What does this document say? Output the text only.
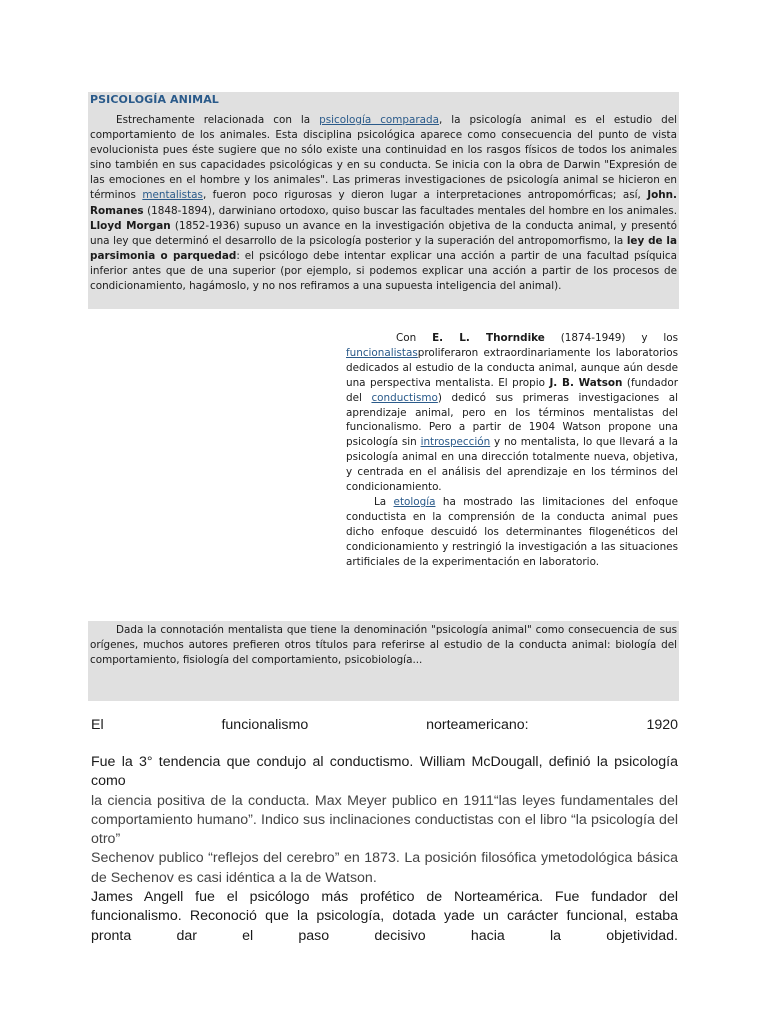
PSICOLOGÍA ANIMAL

Estrechamente relacionada con la psicología comparada, la psicología animal es el estudio del comportamiento de los animales. Esta disciplina psicológica aparece como consecuencia del punto de vista evolucionista pues éste sugiere que no sólo existe una continuidad en los rasgos físicos de todos los animales sino también en sus capacidades psicológicas y en su conducta. Se inicia con la obra de Darwin "Expresión de las emociones en el hombre y los animales". Las primeras investigaciones de psicología animal se hicieron en términos mentalistas, fueron poco rigurosas y dieron lugar a interpretaciones antropomórficas; así, John. Romanes (1848-1894), darwiniano ortodoxo, quiso buscar las facultades mentales del hombre en los animales. Lloyd Morgan (1852-1936) supuso un avance en la investigación objetiva de la conducta animal, y presentó una ley que determinó el desarrollo de la psicología posterior y la superación del antropomorfismo, la ley de la parsimonia o parquedad: el psicólogo debe intentar explicar una acción a partir de una facultad psíquica inferior antes que de una superior (por ejemplo, si podemos explicar una acción a partir de los procesos de condicionamiento, hagámoslo, y no nos refiramos a una supuesta inteligencia del animal).

Con E. L. Thorndike (1874-1949) y los funcionalistasproliferaron extraordinariamente los laboratorios dedicados al estudio de la conducta animal, aunque aún desde una perspectiva mentalista. El propio J. B. Watson (fundador del conductismo) dedicó sus primeras investigaciones al aprendizaje animal, pero en los términos mentalistas del funcionalismo. Pero a partir de 1904 Watson propone una psicología sin introspección y no mentalista, lo que llevará a la psicología animal en una dirección totalmente nueva, objetiva, y centrada en el análisis del aprendizaje en los términos del condicionamiento.

La etología ha mostrado las limitaciones del enfoque conductista en la comprensión de la conducta animal pues dicho enfoque descuidó los determinantes filogenéticos del condicionamiento y restringió la investigación a las situaciones artificiales de la experimentación en laboratorio.

Dada la connotación mentalista que tiene la denominación "psicología animal" como consecuencia de sus orígenes, muchos autores prefieren otros títulos para referirse al estudio de la conducta animal: biología del comportamiento, fisiología del comportamiento, psicobiología...

El	funcionalismo	norteamericano:	1920

Fue la 3° tendencia que condujo al conductismo. William McDougall, definió la psicología como

la ciencia positiva de la conducta. Max Meyer publico en 1911“las leyes fundamentales del comportamiento humano”. Indico sus inclinaciones conductistas con el libro “la psicología del otro”

Sechenov publico “reflejos del cerebro” en 1873. La posición filosófica ymetodológica básica de Sechenov es casi idéntica a la de Watson.

James Angell fue el psicólogo más profético de Norteamérica. Fue fundador del funcionalismo. Reconoció que la psicología, dotada yade un carácter funcional, estaba pronta dar el paso decisivo hacia la objetividad.
